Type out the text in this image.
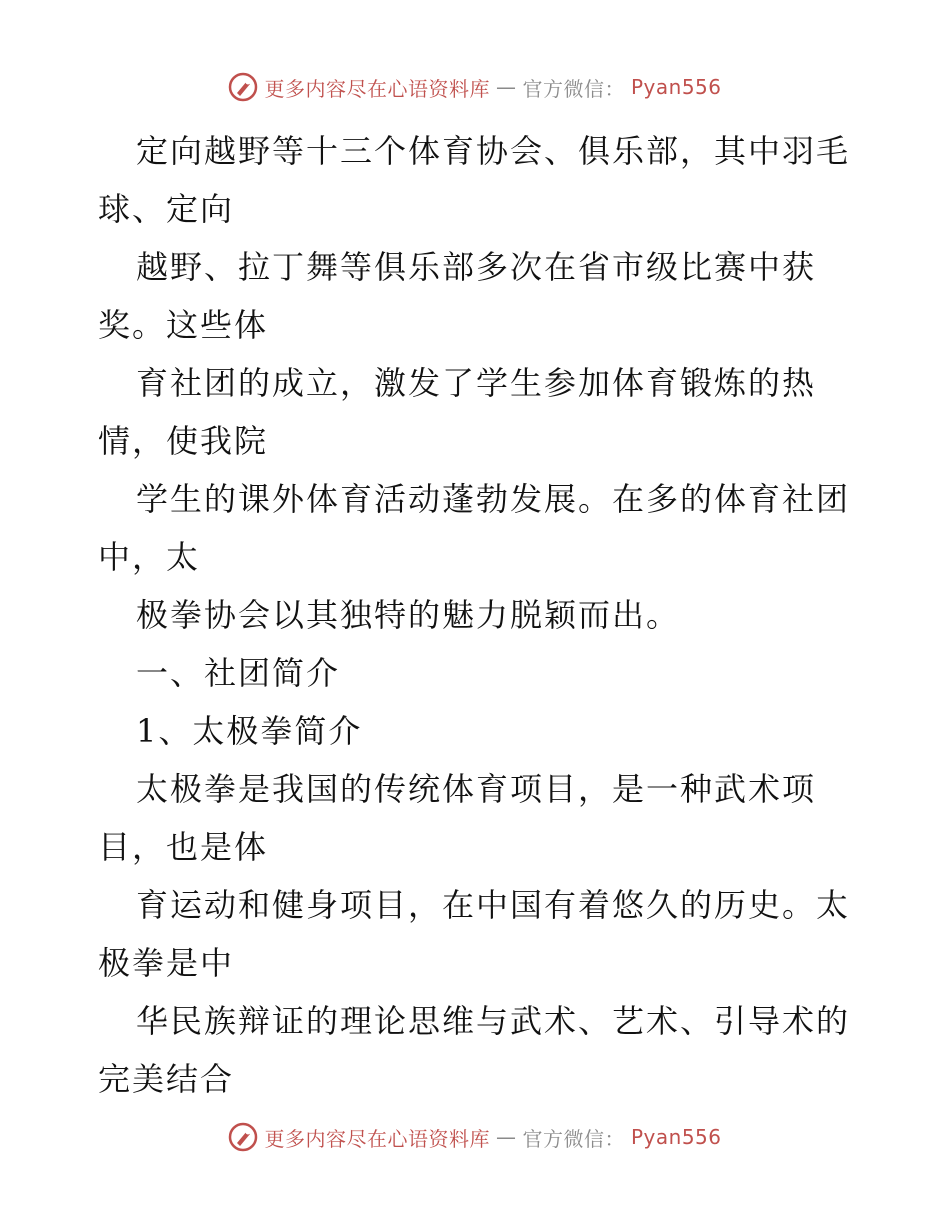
更多内容尽在心语资料库 — 官方微信： Pyan556
定向越野等十三个体育协会、俱乐部，其中羽毛
球、定向
越野、拉丁舞等俱乐部多次在省市级比赛中获
奖。这些体
育社团的成立，激发了学生参加体育锻炼的热
情，使我院
学生的课外体育活动蓬勃发展。在多的体育社团
中，太
极拳协会以其独特的魅力脱颖而出。
一、社团简介
1、太极拳简介
太极拳是我国的传统体育项目，是一种武术项
目，也是体
育运动和健身项目，在中国有着悠久的历史。太
极拳是中
华民族辩证的理论思维与武术、艺术、引导术的
完美结合
更多内容尽在心语资料库 — 官方微信： Pyan556
